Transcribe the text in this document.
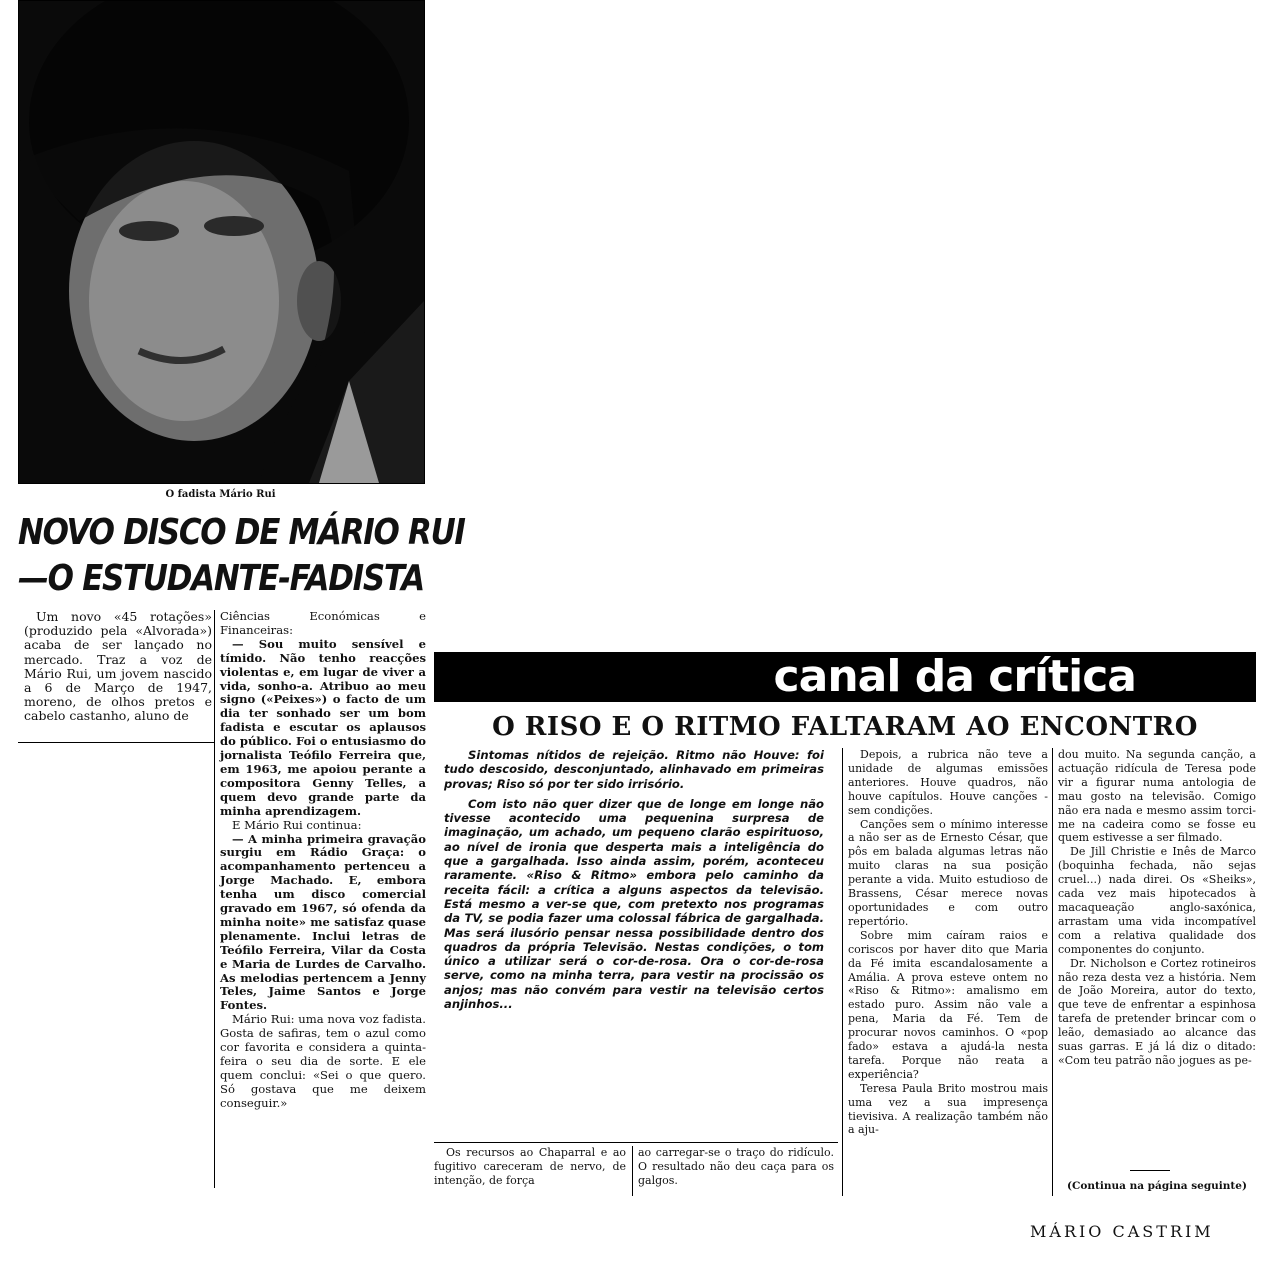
O fadista Mário Rui
NOVO DISCO DE MÁRIO RUI
—O ESTUDANTE-FADISTA

Um novo «45 rotações» (produzido pela «Alvorada») acaba de ser lançado no mercado. Traz a voz de Mário Rui, um jovem nascido a 6 de Março de 1947, moreno, de olhos pretos e cabelo castanho, aluno de

Ciências Económicas e Financeiras:

— Sou muito sensível e tímido. Não tenho reacções violentas e, em lugar de viver a vida, sonho-a. Atribuo ao meu signo («Peixes») o facto de um dia ter sonhado ser um bom fadista e escutar os aplausos do público. Foi o entusiasmo do jornalista Teófilo Ferreira que, em 1963, me apoiou perante a compositora Genny Telles, a quem devo grande parte da minha aprendizagem.

E Mário Rui continua:

— A minha primeira gravação surgiu em Rádio Graça: o acompanhamento pertenceu a Jorge Machado. E, embora tenha um disco comercial gravado em 1967, só ofenda da minha noite» me satisfaz quase plenamente. Inclui letras de Teófilo Ferreira, Vilar da Costa e Maria de Lurdes de Carvalho. As melodias pertencem a Jenny Teles, Jaime Santos e Jorge Fontes.

Mário Rui: uma nova voz fadista. Gosta de safiras, tem o azul como cor favorita e considera a quinta-feira o seu dia de sorte. E ele quem conclui: «Sei o que quero. Só gostava que me deixem conseguir.»

canal da crítica
O RISO E O RITMO FALTARAM AO ENCONTRO

Sintomas nítidos de rejeição. Ritmo não Houve: foi tudo descosido, desconjuntado, alinhavado em primeiras provas; Riso só por ter sido irrisório.

Com isto não quer dizer que de longe em longe não tivesse acontecido uma pequenina surpresa de imaginação, um achado, um pequeno clarão espirituoso, ao nível de ironia que desperta mais a inteligência do que a gargalhada. Isso ainda assim, porém, aconteceu raramente. «Riso & Ritmo» embora pelo caminho da receita fácil: a crítica a alguns aspectos da televisão. Está mesmo a ver-se que, com pretexto nos programas da TV, se podia fazer uma colossal fábrica de gargalhada. Mas será ilusório pensar nessa possibilidade dentro dos quadros da própria Televisão. Nestas condições, o tom único a utilizar será o cor-de-rosa. Ora o cor-de-rosa serve, como na minha terra, para vestir na procissão os anjos; mas não convém para vestir na televisão certos anjinhos...

Os recursos ao Chaparral e ao fugitivo careceram de nervo, de intenção, de força

ao carregar-se o traço do ridículo. O resultado não deu caça para os galgos.

Depois, a rubrica não teve a unidade de algumas emissões anteriores. Houve quadros, não houve capítulos. Houve canções - sem condições.

Canções sem o mínimo interesse a não ser as de Ernesto César, que pôs em balada algumas letras não muito claras na sua posição perante a vida. Muito estudioso de Brassens, César merece novas oportunidades e com outro repertório.

Sobre mim caíram raios e coriscos por haver dito que Maria da Fé imita escandalosamente a Amália. A prova esteve ontem no «Riso & Ritmo»: amalismo em estado puro. Assim não vale a pena, Maria da Fé. Tem de procurar novos caminhos. O «pop fado» estava a ajudá-la nesta tarefa. Porque não reata a experiência?

Teresa Paula Brito mostrou mais uma vez a sua impresença tievisiva. A realização também não a aju-

dou muito. Na segunda canção, a actuação ridícula de Teresa pode vir a figurar numa antologia de mau gosto na televisão. Comigo não era nada e mesmo assim torci-me na cadeira como se fosse eu quem estivesse a ser filmado.

De Jill Christie e Inês de Marco (boquinha fechada, não sejas cruel...) nada direi. Os «Sheiks», cada vez mais hipotecados à macaqueação anglo-saxónica, arrastam uma vida incompatível com a relativa qualidade dos componentes do conjunto.

Dr. Nicholson e Cortez rotineiros não reza desta vez a história. Nem de João Moreira, autor do texto, que teve de enfrentar a espinhosa tarefa de pretender brincar com o leão, demasiado ao alcance das suas garras. E já lá diz o ditado: «Com teu patrão não jogues as pe-

(Continua na página seguinte)
MÁRIO CASTRIM
